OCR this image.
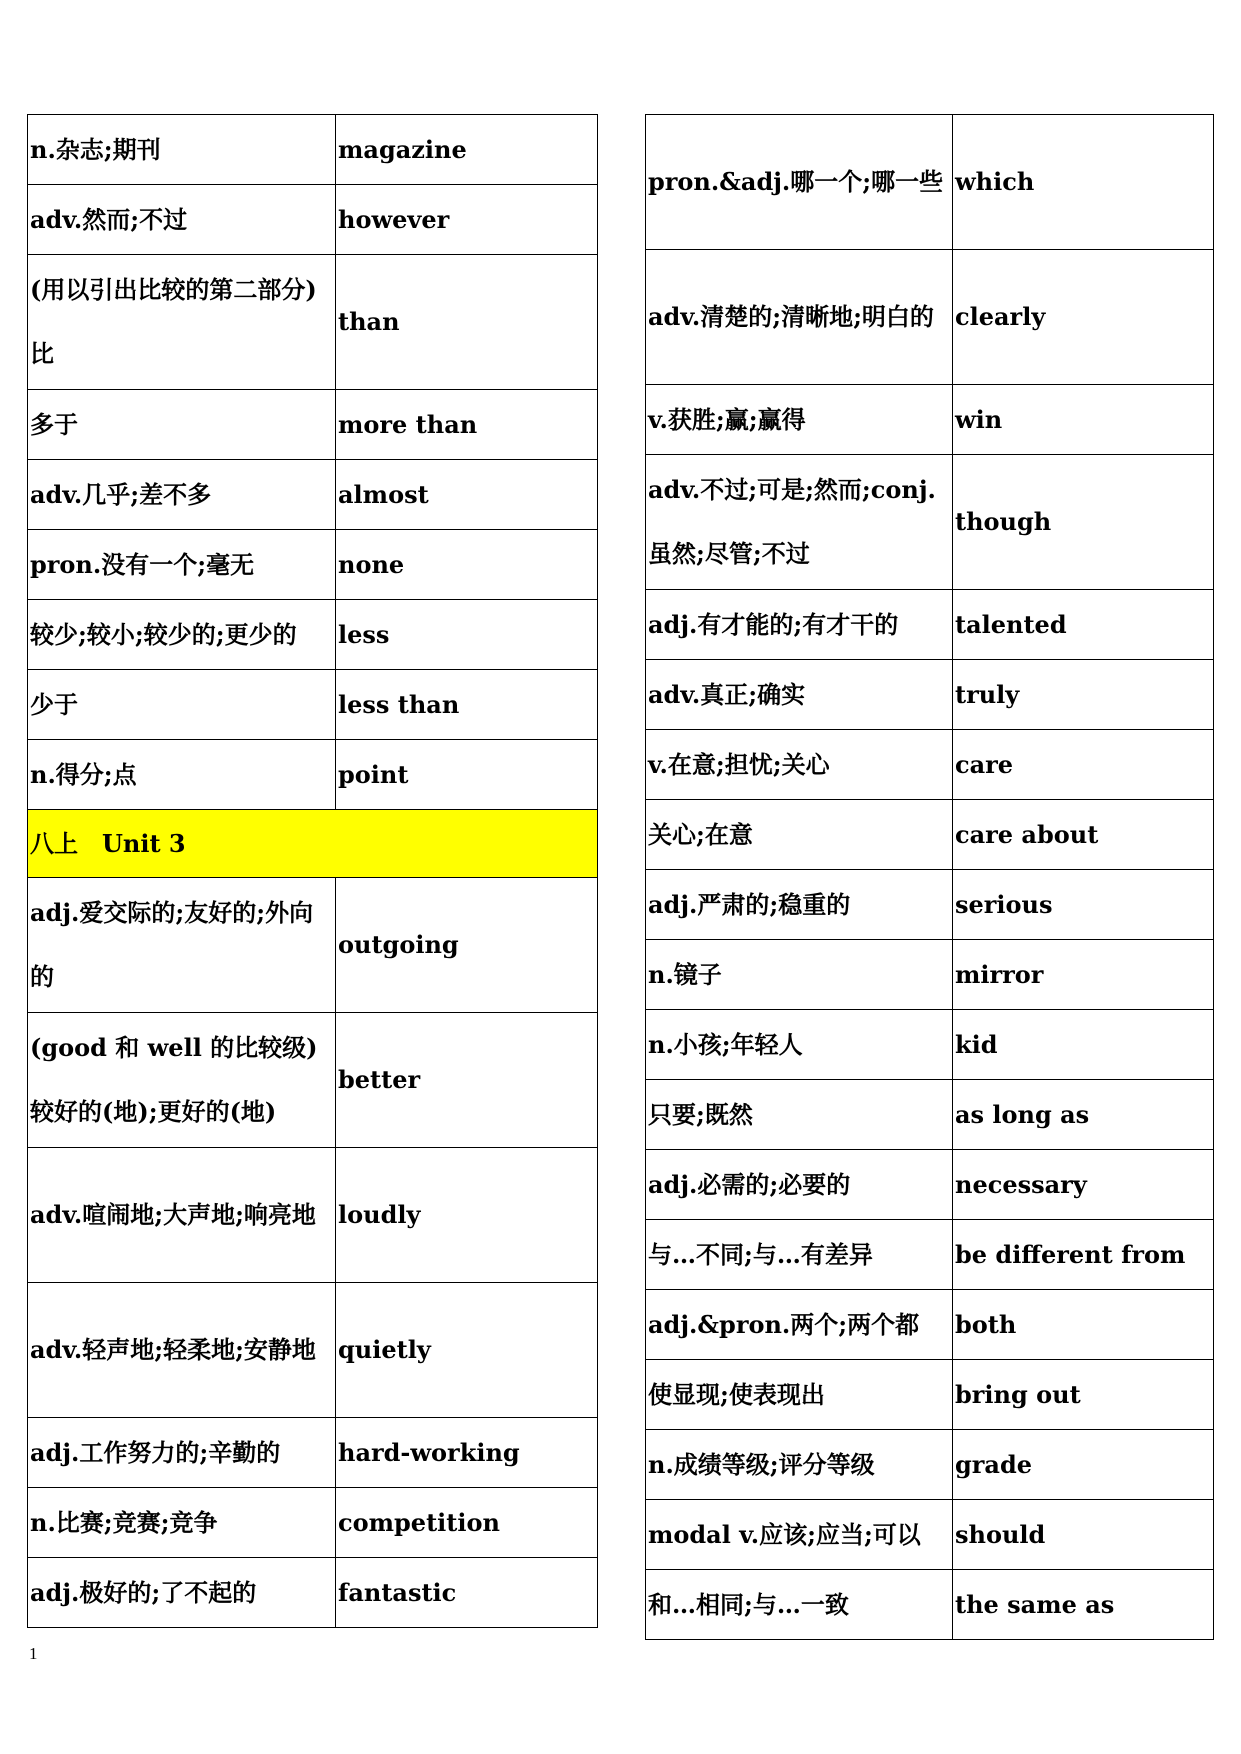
n.杂志;期刊	magazine
adv.然而;不过	however
(用以引出比较的第二部分)比	than
多于	more than
adv.几乎;差不多	almost
pron.没有一个;毫无	none
较少;较小;较少的;更少的	less
少于	less than
n.得分;点	point
八上　Unit 3	
adj.爱交际的;友好的;外向的	outgoing
(good 和 well 的比较级)较好的(地);更好的(地)	better
adv.喧闹地;大声地;响亮地	loudly
adv.轻声地;轻柔地;安静地	quietly
adj.工作努力的;辛勤的	hard-working
n.比赛;竞赛;竞争	competition
adj.极好的;了不起的	fantastic
pron.&adj.哪一个;哪一些	which
adv.清楚的;清晰地;明白的	clearly
v.获胜;赢;赢得	win
adv.不过;可是;然而;conj.虽然;尽管;不过	though
adj.有才能的;有才干的	talented
adv.真正;确实	truly
v.在意;担忧;关心	care
关心;在意	care about
adj.严肃的;稳重的	serious
n.镜子	mirror
n.小孩;年轻人	kid
只要;既然	as long as
adj.必需的;必要的	necessary
与…不同;与…有差异	be different from
adj.&pron.两个;两个都	both
使显现;使表现出	bring out
n.成绩等级;评分等级	grade
modal v.应该;应当;可以	should
和…相同;与…一致	the same as
1
